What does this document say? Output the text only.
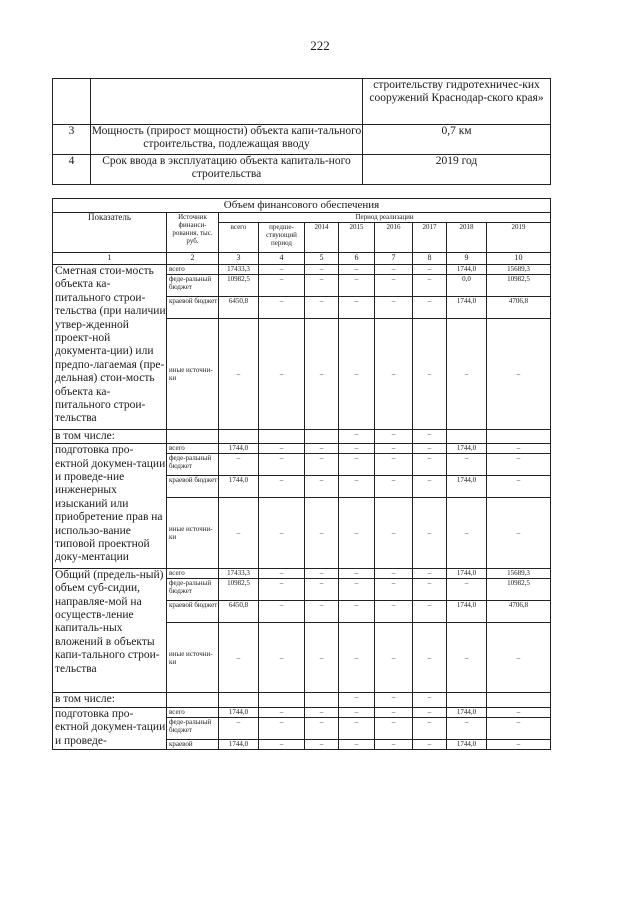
222
		строительству гидротехничес-ких сооружений Краснодар-ского края»
3	Мощность (прирост мощности) объекта капи-тального строительства, подлежащая вводу	0,7 км
4	Срок ввода в эксплуатацию объекта капиталь-ного строительства	2019 год
Объем финансового обеспечения									
Показатель	Источник финанси-рования, тыс. руб.	Период реализации							
		всего	предше-ствующий период	2014	2015	2016	2017	2018	2019

1	2	3	4	5	6	7	8	9	10
Сметная стои-мость объекта ка-питального строи-тельства (при наличии утвер-жденной проект-ной документа-ции) или предпо-лагаемая (пре-дельная) стои-мость объекта ка-питального строи-тельства	всего	17433,3	–	–	–	–	–	1744,0	15689,3
	феде-ральный бюджет	10982,5	–	–	–	–	–	0,0	10982,5
	краевой бюджет	6450,8	–	–	–	–	–	1744,0	4706,8
	иные источни-ки	–	–	–	–	–	–	–	–
в том числе:					–	–	–		
подготовка про-ектной докумен-тации и проведе-ние инженерных изысканий или приобретение прав на использо-вание типовой проектной доку-ментации	всего	1744,0	–	–	–	–	–	1744,0	–
	феде-ральный бюджет	–	–	–	–	–	–	–	–
	краевой бюджет	1744,0	–	–	–	–	–	1744,0	–
	иные источни-ки	–	–	–	–	–	–	–	–
Общий (предель-ный) объем суб-сидии, направляе-мой на осуществ-ление капиталь-ных вложений в объекты капи-тального строи-тельства	всего	17433,3	–	–	–	–	–	1744,0	15689,3
	феде-ральный бюджет	10982,5	–	–	–	–	–	–	10982,5
	краевой бюджет	6450,8	–	–	–	–	–	1744,0	4706,8
	иные источни-ки	–	–	–	–	–	–	–	–
в том числе:					–	–	–		
подготовка про-ектной докумен-тации и проведе-	всего	1744,0	–	–	–	–	–	1744,0	–
	феде-ральный бюджет	–	–	–	–	–	–	–	–
	краевой	1744,0	–	–	–	–	–	1744,0	–
